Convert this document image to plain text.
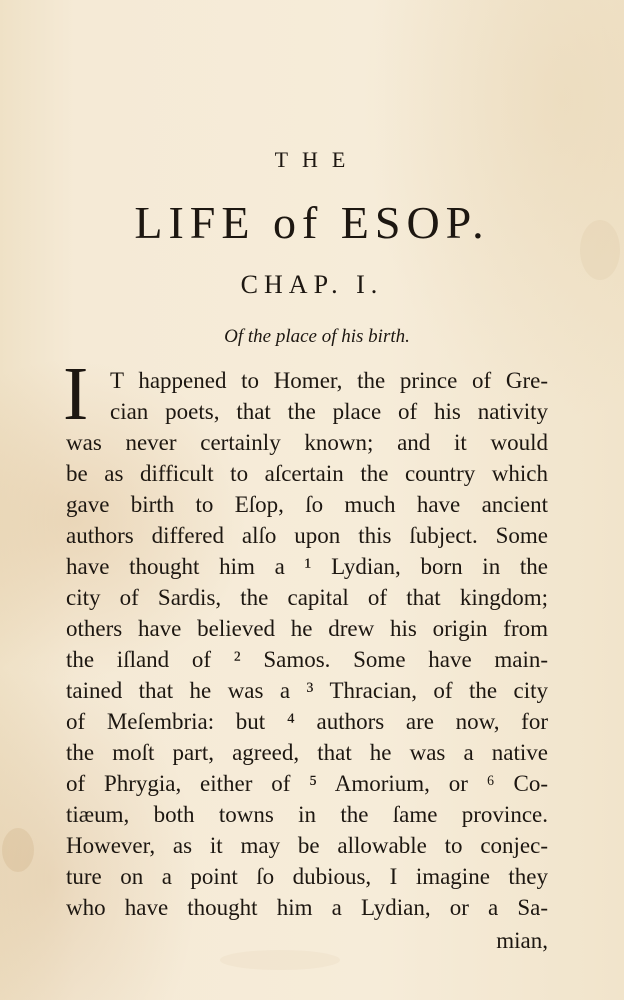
THE
LIFE of ESOP.
CHAP. I.
Of the place of his birth.
I T happened to Homer, the prince of Gre-
cian poets, that the place of his nativity
was never certainly known; and it would
be as difficult to aſcertain the country which
gave birth to Eſop, ſo much have ancient
authors differed alſo upon this ſubject. Some
have thought him a ¹ Lydian, born in the
city of Sardis, the capital of that kingdom;
others have believed he drew his origin from
the iſland of ² Samos. Some have main-
tained that he was a ³ Thracian, of the city
of Meſembria: but ⁴ authors are now, for
the moſt part, agreed, that he was a native
of Phrygia, either of ⁵ Amorium, or ⁶ Co-
tiæum, both towns in the ſame province.
However, as it may be allowable to conjec-
ture on a point ſo dubious, I imagine they
who have thought him a Lydian, or a Sa-
mian,
